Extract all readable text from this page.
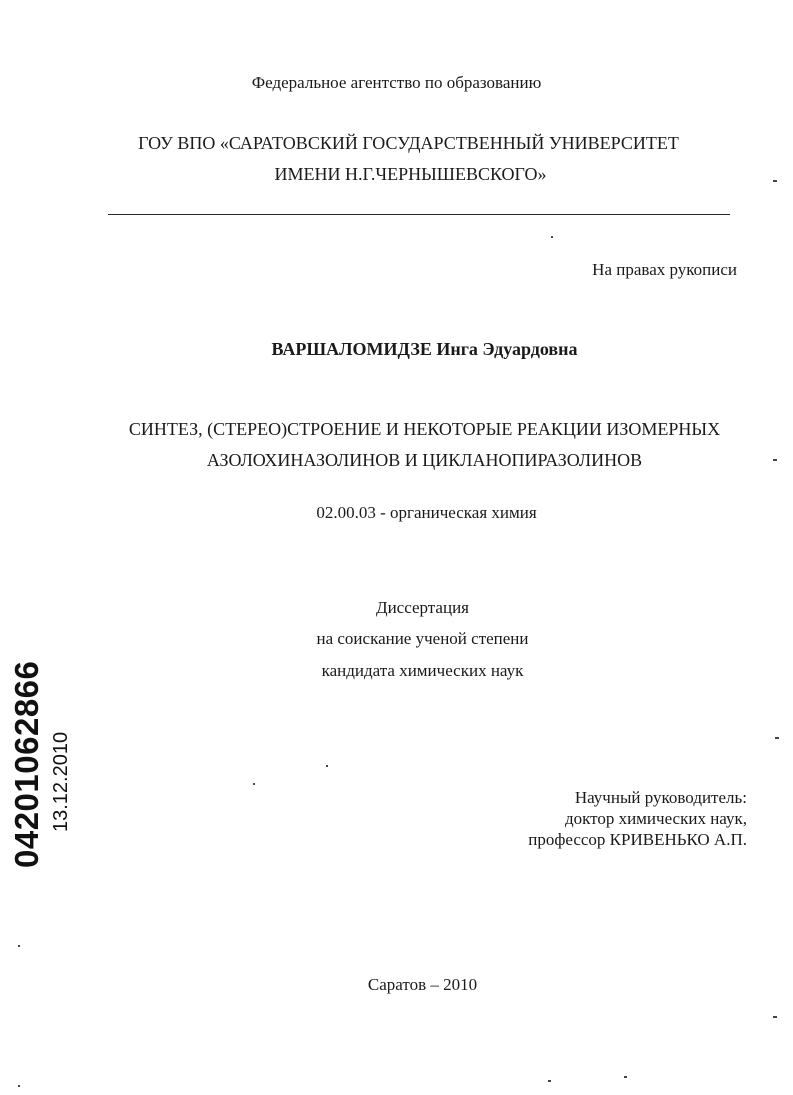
Федеральное агентство по образованию
ГОУ ВПО «САРАТОВСКИЙ ГОСУДАРСТВЕННЫЙ УНИВЕРСИТЕТ
ИМЕНИ Н.Г.ЧЕРНЫШЕВСКОГО»
На правах рукописи
ВАРШАЛОМИДЗЕ Инга Эдуардовна
СИНТЕЗ, (СТЕРЕО)СТРОЕНИЕ И НЕКОТОРЫЕ РЕАКЦИИ ИЗОМЕРНЫХ
АЗОЛОХИНАЗОЛИНОВ И ЦИКЛАНОПИРАЗОЛИНОВ
02.00.03 - органическая химия
Диссертация
на соискание ученой степени
кандидата химических наук
Научный руководитель:
доктор химических наук,
профессор КРИВЕНЬКО А.П.
Саратов – 2010
04201062866 13.12.2010
